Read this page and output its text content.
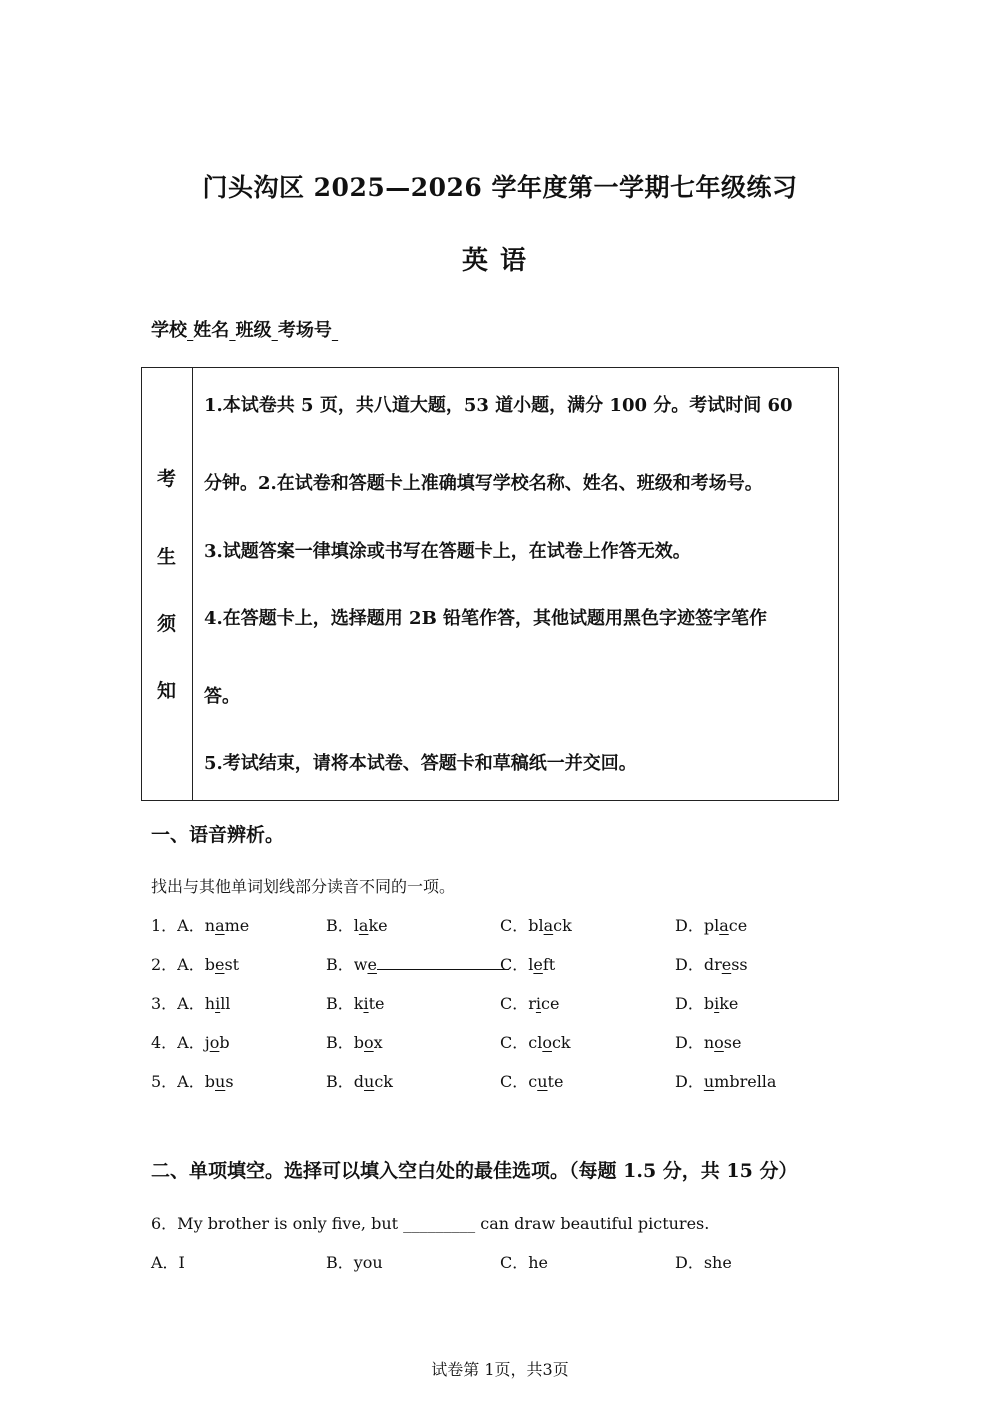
门头沟区 2025—2026 学年度第一学期七年级练习
英语
学校 姓名 班级 考场号
考
生
须
知
1.本试卷共 5 页，共八道大题，53 道小题，满分 100 分。考试时间 60
分钟。2.在试卷和答题卡上准确填写学校名称、姓名、班级和考场号。
3.试题答案一律填涂或书写在答题卡上，在试卷上作答无效。
4.在答题卡上，选择题用 2B 铅笔作答，其他试题用黑色字迹签字笔作
答。
5.考试结束，请将本试卷、答题卡和草稿纸一并交回。
一、语音辨析。
找出与其他单词划线部分读音不同的一项。
1．A．name	B．lake	C．black	D．place
2．A．best	B．we	C．left	D．dress
3．A．hill	B．kite	C．rice	D．bike
4．A．job	B．box	C．clock	D．nose
5．A．bus	B．duck	C．cute	D．umbrella
二、单项填空。选择可以填入空白处的最佳选项。（每题 1.5 分，共 15 分）
6．My brother is only five, but _________ can draw beautiful pictures.
A．I	B．you	C．he	D．she
试卷第 1页，共3页
